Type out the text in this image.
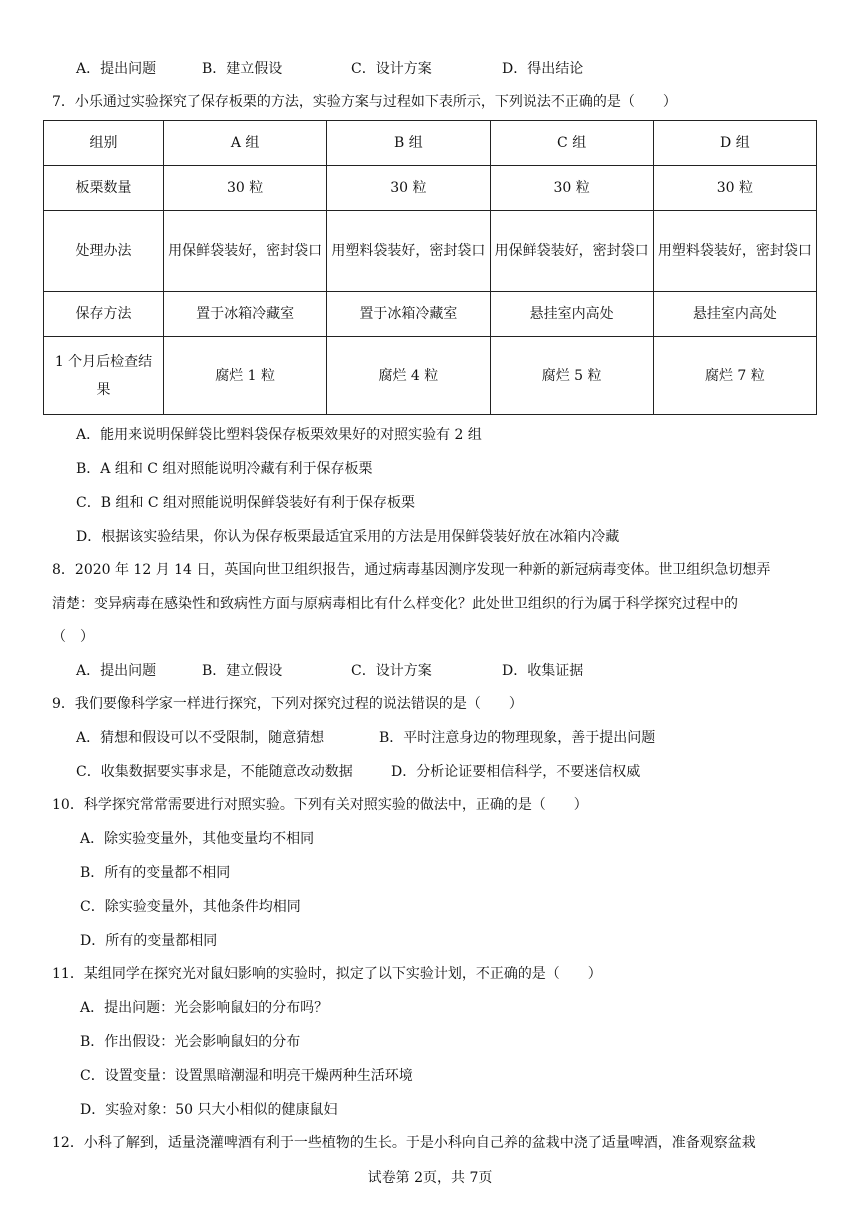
A．提出问题	B．建立假设	C．设计方案	D．得出结论
7．小乐通过实验探究了保存板栗的方法，实验方案与过程如下表所示，下列说法不正确的是（　　）
组别	A 组	B 组	C 组	D 组
板栗数量	30 粒	30 粒	30 粒	30 粒
处理办法	用保鲜袋装好，密封袋口	用塑料袋装好，密封袋口	用保鲜袋装好，密封袋口	用塑料袋装好，密封袋口
保存方法	置于冰箱冷藏室	置于冰箱冷藏室	悬挂室内高处	悬挂室内高处
1 个月后检查结果	腐烂 1 粒	腐烂 4 粒	腐烂 5 粒	腐烂 7 粒
A．能用来说明保鲜袋比塑料袋保存板栗效果好的对照实验有 2 组
B．A 组和 C 组对照能说明冷藏有利于保存板栗
C．B 组和 C 组对照能说明保鲜袋装好有利于保存板栗
D．根据该实验结果，你认为保存板栗最适宜采用的方法是用保鲜袋装好放在冰箱内冷藏
8．2020 年 12 月 14 日，英国向世卫组织报告，通过病毒基因测序发现一种新的新冠病毒变体。世卫组织急切想弄
清楚：变异病毒在感染性和致病性方面与原病毒相比有什么样变化？此处世卫组织的行为属于科学探究过程中的
（　）
A．提出问题	B．建立假设	C．设计方案	D．收集证据
9．我们要像科学家一样进行探究，下列对探究过程的说法错误的是（　　）
A．猜想和假设可以不受限制，随意猜想	B．平时注意身边的物理现象，善于提出问题
C．收集数据要实事求是，不能随意改动数据	D．分析论证要相信科学，不要迷信权威
10．科学探究常常需要进行对照实验。下列有关对照实验的做法中，正确的是（　　）
A．除实验变量外，其他变量均不相同
B．所有的变量都不相同
C．除实验变量外，其他条件均相同
D．所有的变量都相同
11．某组同学在探究光对鼠妇影响的实验时，拟定了以下实验计划，不正确的是（　　）
A．提出问题：光会影响鼠妇的分布吗？
B．作出假设：光会影响鼠妇的分布
C．设置变量：设置黑暗潮湿和明亮干燥两种生活环境
D．实验对象：50 只大小相似的健康鼠妇
12．小科了解到，适量浇灌啤酒有利于一些植物的生长。于是小科向自己养的盆栽中浇了适量啤酒，准备观察盆栽
试卷第 2页，共 7页
